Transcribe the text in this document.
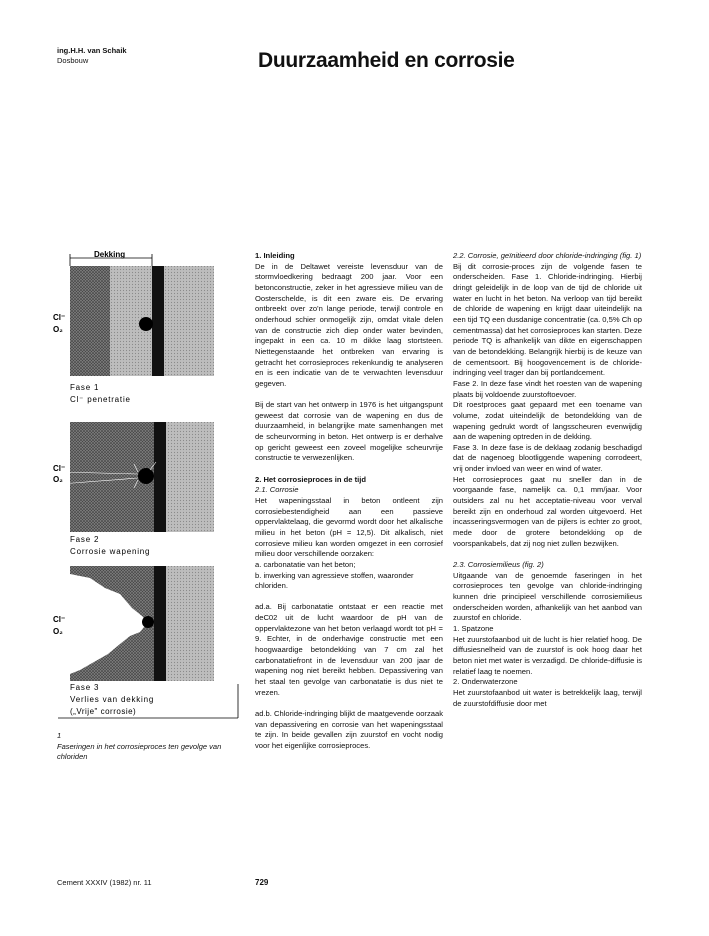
ing.H.H. van Schaik
Dosbouw	Duurzaamheid en corrosie
Dekking
Cl⁻
O₂
Fase 1
Cl⁻ penetratie
Cl⁻
O₂
Fase 2
Corrosie wapening
Cl⁻
O₂
Fase 3
Verlies van dekking
(„Vrije" corrosie)
1
Faseringen in het corrosieproces ten gevolge van chloriden

1. Inleiding

De in de Deltawet vereiste levensduur van de stormvloedkering bedraagt 200 jaar. Voor een betonconstructie, zeker in het agressieve milieu van de Oosterschelde, is dit een zware eis. De ervaring ontbreekt over zo'n lange periode, terwijl controle en onderhoud schier onmogelijk zijn, omdat vitale delen van de constructie zich diep onder water bevinden, ingepakt in een ca. 10 m dikke laag stortsteen. Niettegenstaande het ontbreken van ervaring is getracht het corrosieproces rekenkundig te analyseren en is een indicatie van de te verwachten levensduur gegeven.

Bij de start van het ontwerp in 1976 is het uitgangspunt geweest dat corrosie van de wapening en dus de duurzaamheid, in belangrijke mate samenhangen met de scheurvorming in beton. Het ontwerp is er derhalve op gericht geweest een zoveel mogelijke scheurvrije constructie te verwezenlijken.

2. Het corrosieproces in de tijd

2.1. Corrosie

Het wapeningsstaal in beton ontleent zijn corrosiebestendigheid aan een passieve oppervlaktelaag, die gevormd wordt door het alkalische milieu in het beton (pH = 12,5). Dit alkalisch, niet corrosieve milieu kan worden omgezet in een corrosief milieu door verschillende oorzaken:

a. carbonatatie van het beton;

b. inwerking van agressieve stoffen, waaronder chloriden.

ad.a. Bij carbonatatie ontstaat er een reactie met deC02 uit de lucht waardoor de pH van de oppervlaktezone van het beton verlaagd wordt tot pH = 9. Echter, in de onderhavige constructie met een hoogwaardige betondekking van 7 cm zal het carbonatatiefront in de levensduur van 200 jaar de wapening nog niet bereikt hebben. Depassivering van het staal ten gevolge van carbonatatie is dus niet te vrezen.

ad.b. Chloride-indringing blijkt de maatgevende oorzaak van depassivering en corrosie van het wapeningsstaal te zijn. In beide gevallen zijn zuurstof en vocht nodig voor het eigenlijke corrosieproces.

2.2. Corrosie, geïnitieerd door chloride-indringing (fig. 1)

Bij dit corrosie-proces zijn de volgende fasen te onderscheiden. Fase 1. Chloride-indringing. Hierbij dringt geleidelijk in de loop van de tijd de chloride uit water en lucht in het beton. Na verloop van tijd bereikt de chloride de wapening en krijgt daar uiteindelijk na een tijd TQ een dusdanige concentratie (ca. 0,5% Ch op cementmassa) dat het corrosieproces kan starten. Deze periode TQ is afhankelijk van dikte en eigenschappen van de betondekking. Belangrijk hierbij is de keuze van de cementsoort. Bij hoogovencement is de chloride-indringing veel trager dan bij portlandcement.

Fase 2. In deze fase vindt het roesten van de wapening plaats bij voldoende zuurstoftoevoer.

Dit roestproces gaat gepaard met een toename van volume, zodat uiteindelijk de betondekking van de wapening gedrukt wordt of langsscheuren evenwijdig aan de wapening optreden in de dekking.

Fase 3. In deze fase is de deklaag zodanig beschadigd dat de nagenoeg blootliggende wapening corrodeert, vrij onder invloed van weer en wind of water.

Het corrosieproces gaat nu sneller dan in de voorgaande fase, namelijk ca. 0,1 mm/jaar. Voor outsiders zal nu het acceptatie-niveau voor verval bereikt zijn en onderhoud zal worden uitgevoerd. Het incasseringsvermogen van de pijlers is echter zo groot, mede door de grotere betondekking op de voorspankabels, dat zij nog niet zullen bezwijken.

2.3. Corrosiemilieus (fig. 2)

Uitgaande van de genoemde faseringen in het corrosieproces ten gevolge van chloride-indringing kunnen drie principieel verschillende corrosiemilieus onderscheiden worden, afhankelijk van het aanbod van zuurstof en chloride.

1. Spatzone

Het zuurstofaanbod uit de lucht is hier relatief hoog. De diffusiesnelheid van de zuurstof is ook hoog daar het beton niet met water is verzadigd. De chloride-diffusie is relatief laag te noemen.

2. Onderwaterzone

Het zuurstofaanbod uit water is betrekkelijk laag, terwijl de zuurstofdiffusie door met

Cement XXXIV (1982) nr. 11	729
